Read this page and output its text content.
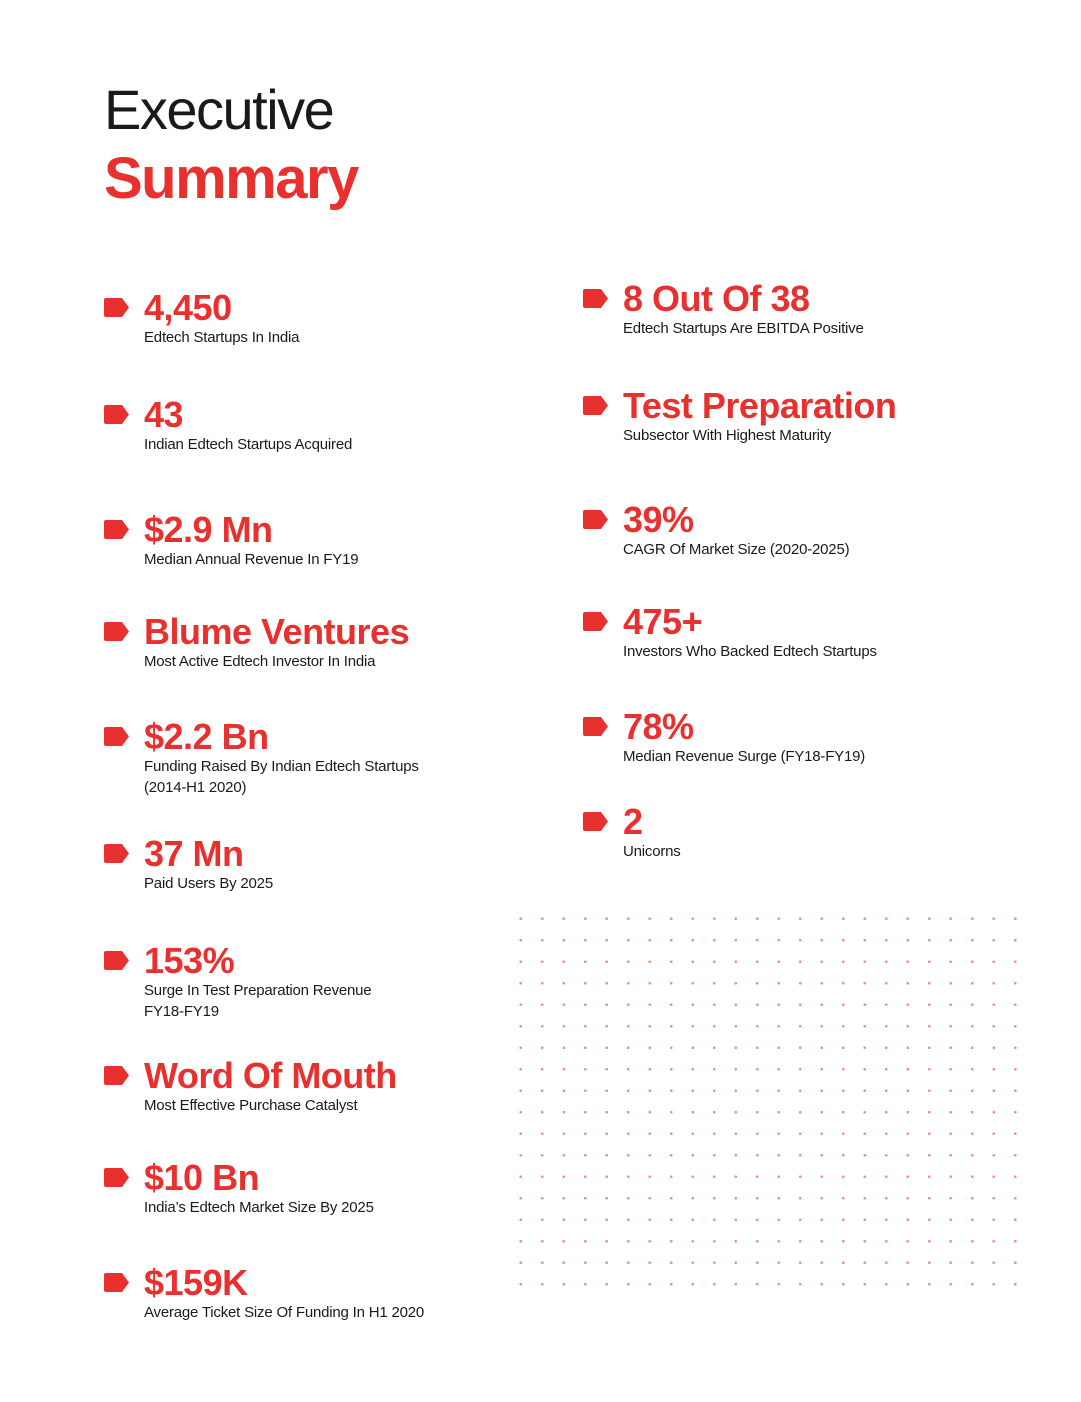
Executive
Summary
4,450
Edtech Startups In India
43
Indian Edtech Startups Acquired
$2.9 Mn
Median Annual Revenue In FY19
Blume Ventures
Most Active Edtech Investor In India
$2.2 Bn
Funding Raised By Indian Edtech Startups (2014-H1 2020)
37 Mn
Paid Users By 2025
153%
Surge In Test Preparation Revenue FY18-FY19
Word Of Mouth
Most Effective Purchase Catalyst
$10 Bn
India’s Edtech Market Size By 2025
$159K
Average Ticket Size Of Funding In H1 2020
8 Out Of 38
Edtech Startups Are EBITDA Positive
Test Preparation
Subsector With Highest Maturity
39%
CAGR Of Market Size (2020-2025)
475+
Investors Who Backed Edtech Startups
78%
Median Revenue Surge (FY18-FY19)
2
Unicorns
